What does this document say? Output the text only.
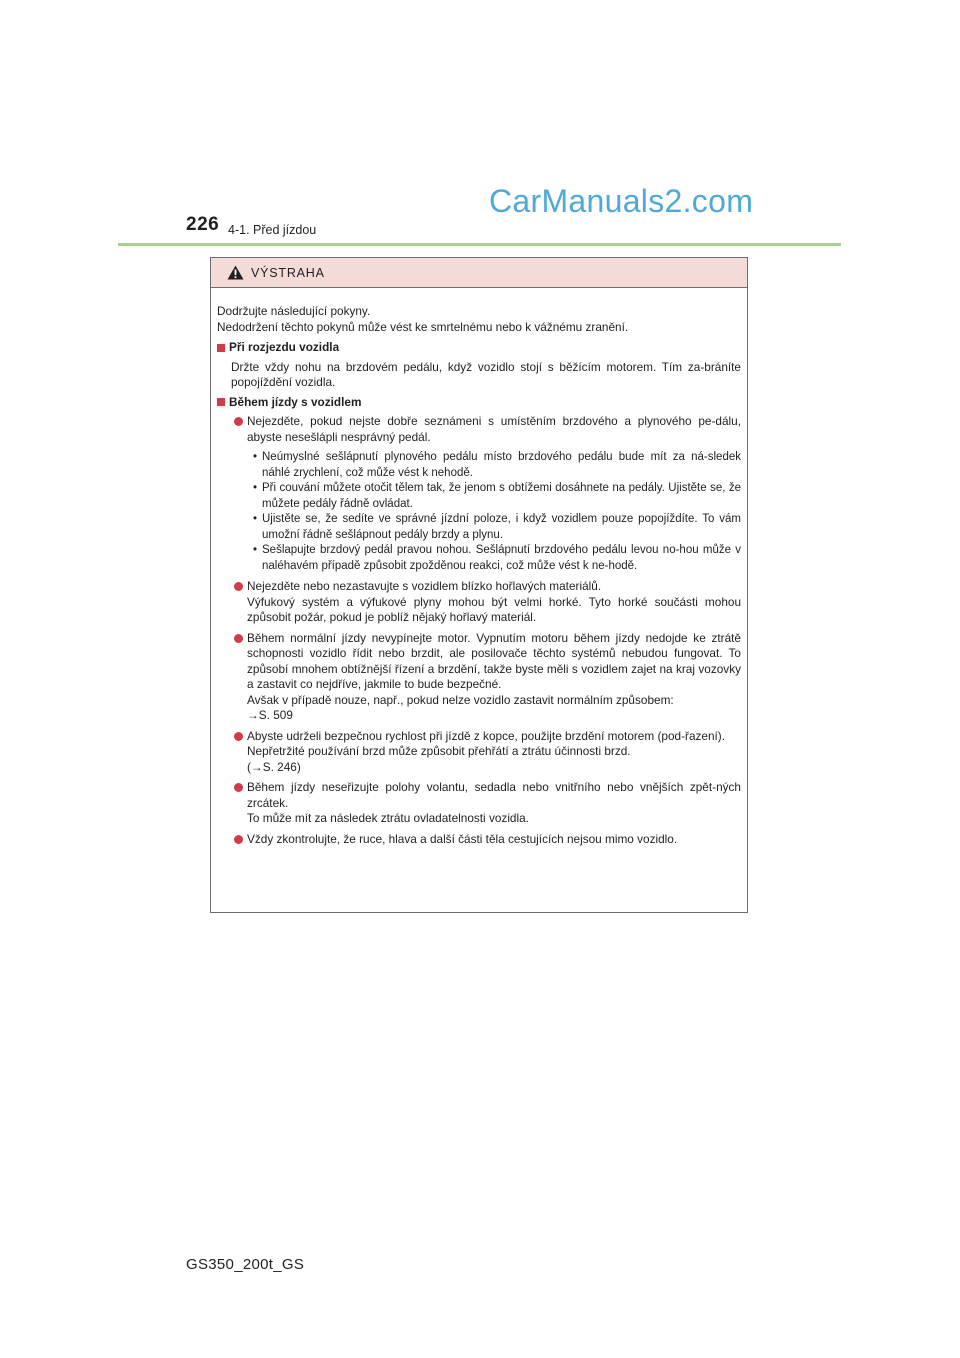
226 4-1. Před jízdou
CarManuals2.com
VÝSTRAHA

Dodržujte následující pokyny.

Nedodržení těchto pokynů může vést ke smrtelnému nebo k vážnému zranění.

Při rozjezdu vozidla

Držte vždy nohu na brzdovém pedálu, když vozidlo stojí s běžícím motorem. Tím za-bráníte popojíždění vozidla.

Během jízdy s vozidlem
Nejezděte, pokud nejste dobře seznámeni s umístěním brzdového a plynového pe-dálu, abyste nesešlápli nesprávný pedál.
• Neúmyslné sešlápnutí plynového pedálu místo brzdového pedálu bude mít za ná-sledek náhlé zrychlení, což může vést k nehodě.
• Při couvání můžete otočit tělem tak, že jenom s obtížemi dosáhnete na pedály. Ujistěte se, že můžete pedály řádně ovládat.
• Ujistěte se, že sedíte ve správné jízdní poloze, i když vozidlem pouze popojíždíte. To vám umožní řádně sešlápnout pedály brzdy a plynu.
• Sešlapujte brzdový pedál pravou nohou. Sešlápnutí brzdového pedálu levou no-hou může v naléhavém případě způsobit zpožděnou reakci, což může vést k ne-hodě.

Nejezděte nebo nezastavujte s vozidlem blízko hořlavých materiálů.

Výfukový systém a výfukové plyny mohou být velmi horké. Tyto horké součásti mohou způsobit požár, pokud je poblíž nějaký hořlavý materiál.

Během normální jízdy nevypínejte motor. Vypnutím motoru během jízdy nedojde ke ztrátě schopnosti vozidlo řídit nebo brzdit, ale posilovače těchto systémů nebudou fungovat. To způsobí mnohem obtížnější řízení a brzdění, takže byste měli s vozidlem zajet na kraj vozovky a zastavit co nejdříve, jakmile to bude bezpečné.

Avšak v případě nouze, např., pokud nelze vozidlo zastavit normálním způsobem:

→S. 509

Abyste udrželi bezpečnou rychlost při jízdě z kopce, použijte brzdění motorem (pod-řazení).

Nepřetržité používání brzd může způsobit přehřátí a ztrátu účinnosti brzd.

(→S. 246)

Během jízdy neseřizujte polohy volantu, sedadla nebo vnitřního nebo vnějších zpět-ných zrcátek.

To může mít za následek ztrátu ovladatelnosti vozidla.

Vždy zkontrolujte, že ruce, hlava a další části těla cestujících nejsou mimo vozidlo.
GS350_200t_GS
